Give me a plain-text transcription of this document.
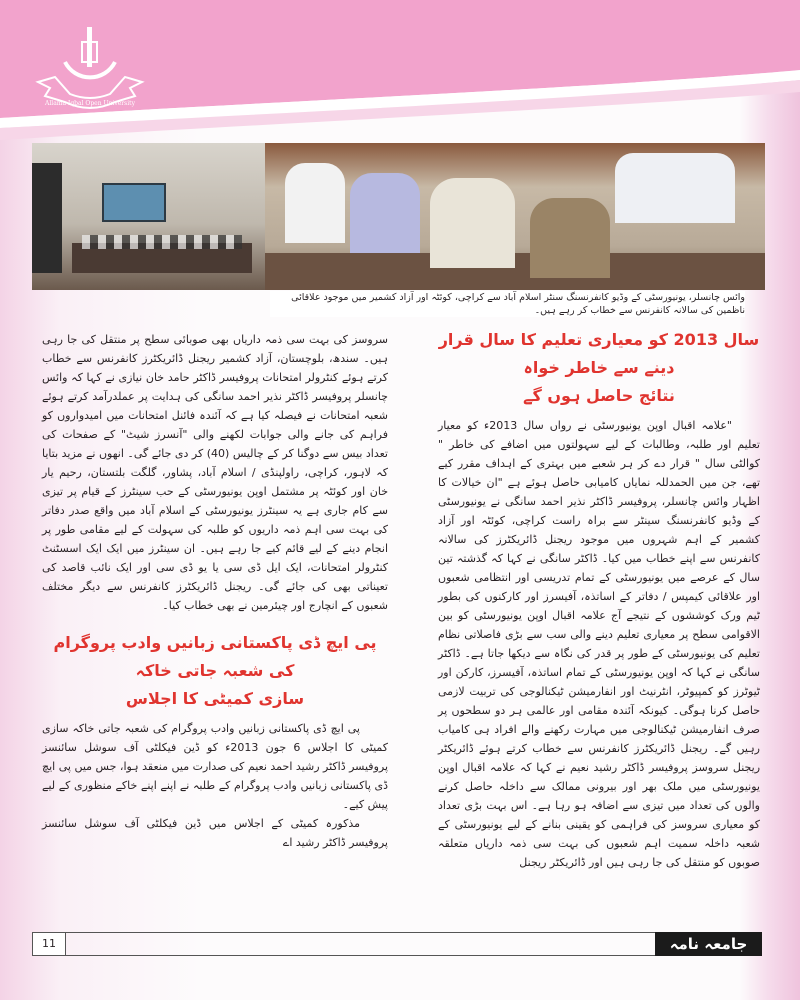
Allama Iqbal Open University
وائس چانسلر، یونیورسٹی کے وڈیو کانفرنسنگ سنٹر اسلام آباد سے کراچی، کوئٹہ اور آزاد کشمیر میں موجود علاقائی ناظمین کی سالانہ کانفرنس سے خطاب کر رہے ہیں۔
سال 2013 کو معیاری تعلیم کا سال قرار دینے سے خاطر خواہ
نتائج حاصل ہوں گے

"علامہ اقبال اوپن یونیورسٹی نے رواں سال 2013ء کو معیار تعلیم اور طلبہ، وطالبات کے لیے سہولتوں میں اضافے کی خاطر " کوالٹی سال " قرار دے کر ہر شعبے میں بہتری کے اہداف مقرر کیے تھے، جن میں الحمدللہ نمایاں کامیابی حاصل ہوئے ہے "ان خیالات کا اظہار وائس چانسلر، پروفیسر ڈاکٹر نذیر احمد سانگی نے یونیورسٹی کے وڈیو کانفرنسنگ سینٹر سے براہ راست کراچی، کوئٹہ اور آزاد کشمیر کے اہم شہروں میں موجود ریجنل ڈائریکٹرز کی سالانہ کانفرنس سے اپنے خطاب میں کیا۔ ڈاکٹر سانگی نے کہا کہ گذشتہ تین سال کے عرصے میں یونیورسٹی کے تمام تدریسی اور انتظامی شعبوں اور علاقائی کیمپس / دفاتر کے اساتذہ، آفیسرز اور کارکنوں کی بطور ٹیم ورک کوششوں کے نتیجے آج علامہ اقبال اوپن یونیورسٹی کو بین الاقوامی سطح پر معیاری تعلیم دینے والی سب سے بڑی فاصلاتی نظام تعلیم کی یونیورسٹی کے طور پر قدر کی نگاہ سے دیکھا جاتا ہے۔ ڈاکٹر سانگی نے کہا کہ اوپن یونیورسٹی کے تمام اساتذہ، آفیسرز، کارکن اور ٹیوٹرز کو کمپیوٹر، انٹرنیٹ اور انفارمیشن ٹیکنالوجی کی تربیت لازمی حاصل کرنا ہوگی۔ کیونکہ آئندہ مقامی اور عالمی ہر دو سطحوں پر صرف انفارمیشن ٹیکنالوجی میں مہارت رکھنے والے افراد ہی کامیاب رہیں گے۔ ریجنل ڈائریکٹرز کانفرنس سے خطاب کرتے ہوئے ڈائریکٹر ریجنل سروسز پروفیسر ڈاکٹر رشید نعیم نے کہا کہ علامہ اقبال اوپن یونیورسٹی میں ملک بھر اور بیرونی ممالک سے داخلہ حاصل کرنے والوں کی تعداد میں تیزی سے اضافہ ہو رہا ہے۔ اس بہت بڑی تعداد کو معیاری سروسز کی فراہمی کو یقینی بنانے کے لیے یونیورسٹی کے شعبہ داخلہ سمیت اہم شعبوں کی بہت سی ذمہ داریاں متعلقہ صوبوں کو منتقل کی جا رہی ہیں اور ڈائریکٹر ریجنل

سروسز کی بہت سی ذمہ داریاں بھی صوبائی سطح پر منتقل کی جا رہی ہیں۔ سندھ، بلوچستان، آزاد کشمیر ریجنل ڈائریکٹرز کانفرنس سے خطاب کرتے ہوئے کنٹرولر امتحانات پروفیسر ڈاکٹر حامد خان نیازی نے کہا کہ وائس چانسلر پروفیسر ڈاکٹر نذیر احمد سانگی کی ہدایت پر عملدرآمد کرتے ہوئے شعبہ امتحانات نے فیصلہ کیا ہے کہ آئندہ فائنل امتحانات میں امیدواروں کو فراہم کی جانے والی جوابات لکھنے والی "آنسرز شیٹ" کے صفحات کی تعداد بیس سے دوگنا کر کے چالیس (40) کر دی جائے گی۔ انھوں نے مزید بتایا کہ لاہور، کراچی، راولپنڈی / اسلام آباد، پشاور، گلگت بلتستان، رحیم یار خان اور کوئٹہ پر مشتمل اوپن یونیورسٹی کے حب سینٹرز کے قیام پر تیزی سے کام جاری ہے یہ سینٹرز یونیورسٹی کے اسلام آباد میں واقع صدر دفاتر کی بہت سی اہم ذمہ داریوں کو طلبہ کی سہولت کے لیے مقامی طور پر انجام دینے کے لیے قائم کیے جا رہے ہیں۔ ان سینٹرز میں ایک ایک اسسٹنٹ کنٹرولر امتحانات، ایک ایل ڈی سی یا یو ڈی سی اور ایک نائب قاصد کی تعیناتی بھی کی جائے گی۔ ریجنل ڈائریکٹرز کانفرنس سے دیگر مختلف شعبوں کے انچارج اور چیئرمین نے بھی خطاب کیا۔

پی ایچ ڈی پاکستانی زبانیں وادب پروگرام کی شعبہ جاتی خاکہ
سازی کمیٹی کا اجلاس

پی ایچ ڈی پاکستانی زبانیں وادب پروگرام کی شعبہ جاتی خاکہ سازی کمیٹی کا اجلاس 6 جون 2013ء کو ڈین فیکلٹی آف سوشل سائنسز پروفیسر ڈاکٹر رشید احمد نعیم کی صدارت میں منعقد ہوا، جس میں پی ایچ ڈی پاکستانی زبانیں وادب پروگرام کے طلبہ نے اپنے اپنے خاکے منظوری کے لیے پیش کیے۔

مذکورہ کمیٹی کے اجلاس میں ڈین فیکلٹی آف سوشل سائنسز پروفیسر ڈاکٹر رشید اے

11	جامعہ نامہ
